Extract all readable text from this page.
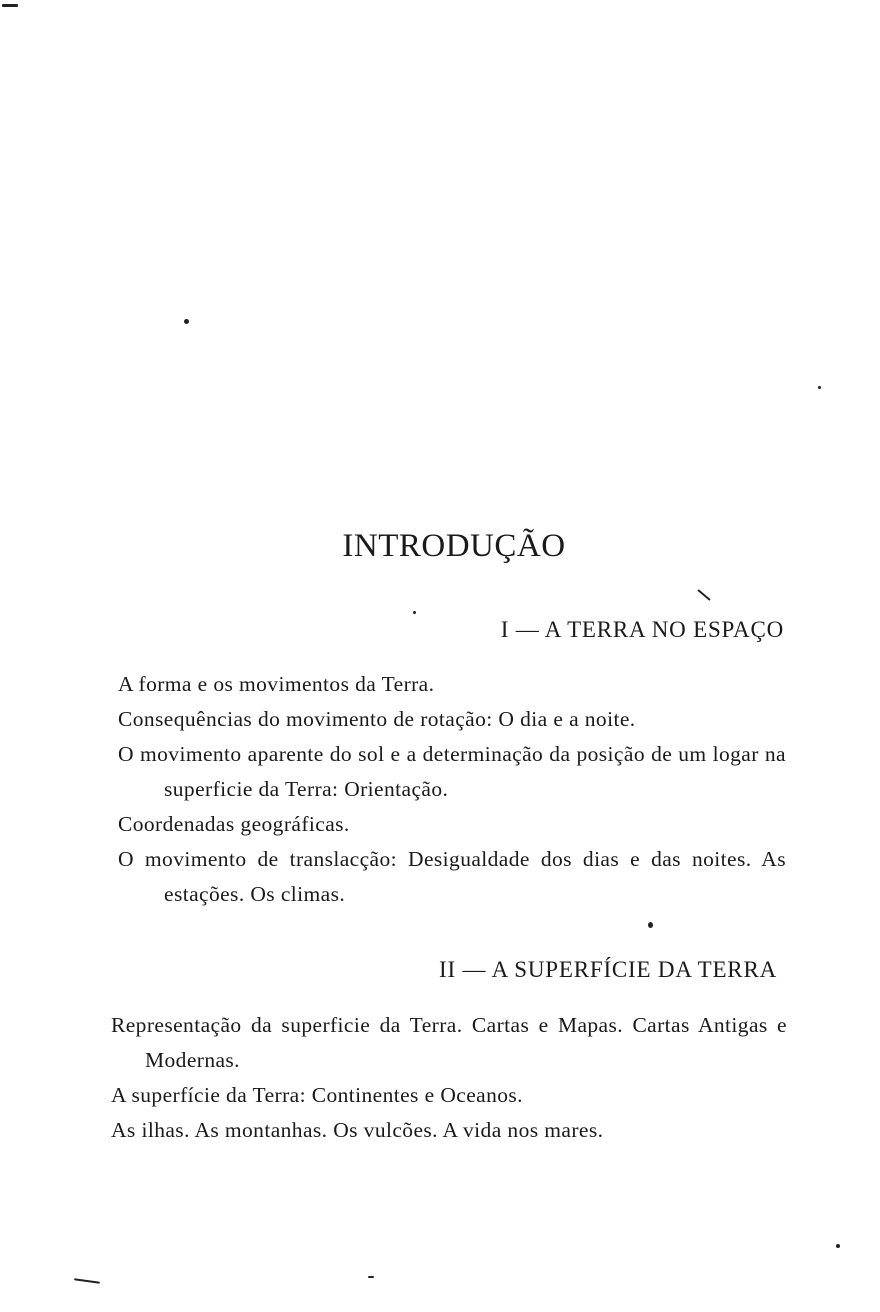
INTRODUÇÃO
I — A TERRA NO ESPAÇO
A forma e os movimentos da Terra.
Consequências do movimento de rotação: O dia e a noite.
O movimento aparente do sol e a determinação da posição de um logar na superficie da Terra: Orientação.
Coordenadas geográficas.
O movimento de translacção: Desigualdade dos dias e das noites. As estações. Os climas.
II — A SUPERFÍCIE DA TERRA
Representação da superficie da Terra. Cartas e Mapas. Cartas Antigas e Modernas.
A superfície da Terra: Continentes e Oceanos.
As ilhas. As montanhas. Os vulcões. A vida nos mares.
